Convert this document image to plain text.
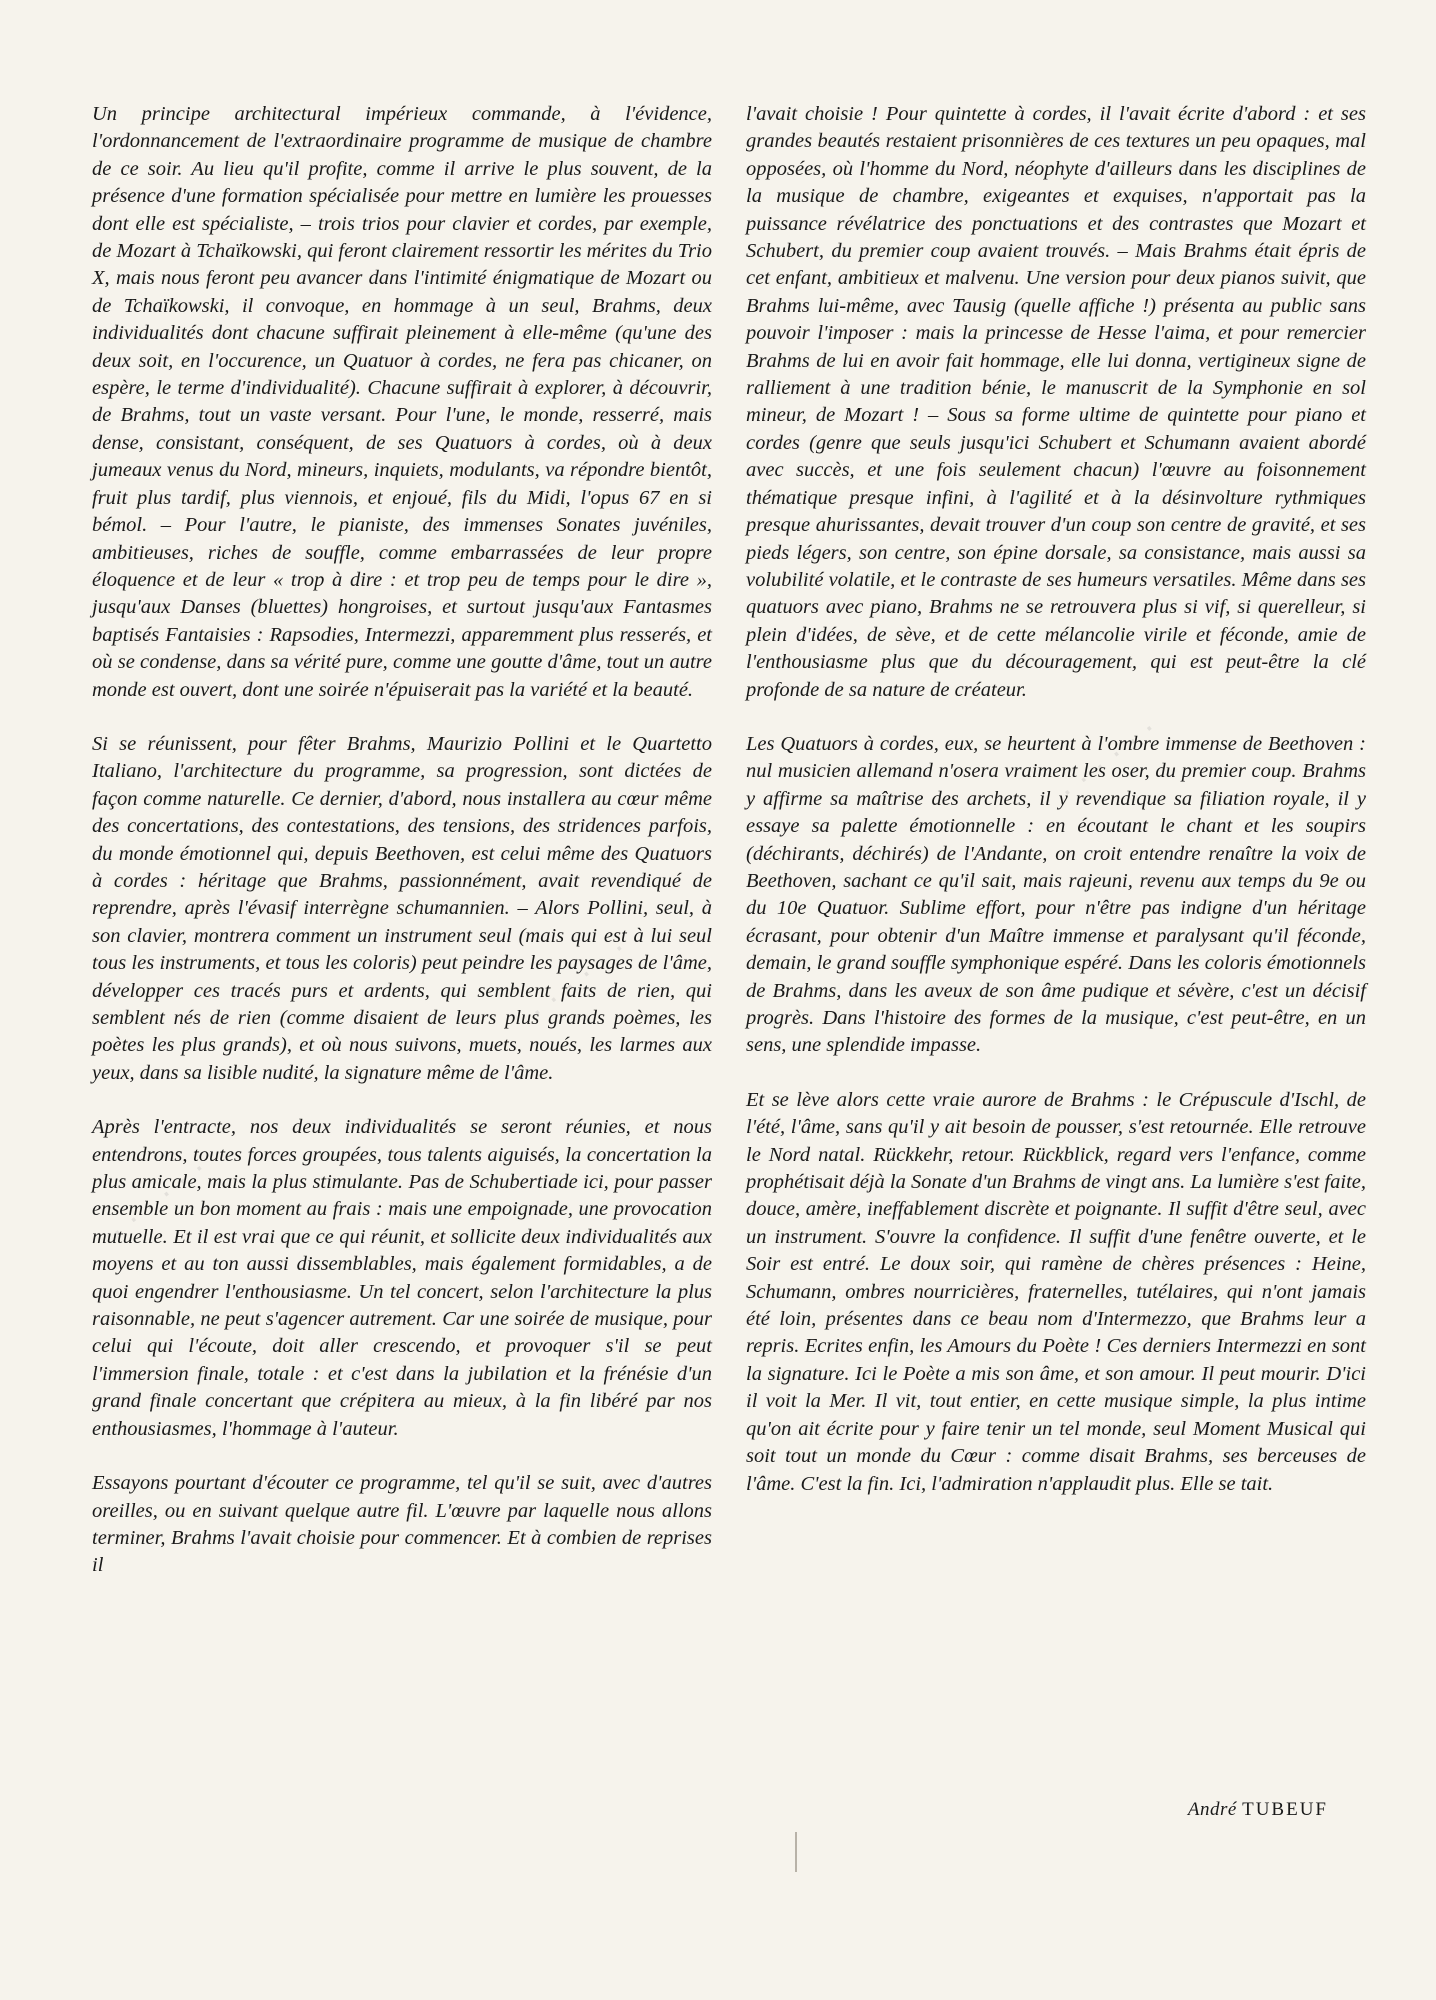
· · · · · ·
· · · · · ·
· · · · · ·

Un principe architectural impérieux commande, à l'évidence, l'ordonnancement de l'extraordinaire programme de musique de chambre de ce soir. Au lieu qu'il profite, comme il arrive le plus souvent, de la présence d'une formation spécialisée pour mettre en lumière les prouesses dont elle est spécialiste, – trois trios pour clavier et cordes, par exemple, de Mozart à Tchaïkowski, qui feront clairement ressortir les mérites du Trio X, mais nous feront peu avancer dans l'intimité énigmatique de Mozart ou de Tchaïkowski, il convoque, en hommage à un seul, Brahms, deux individualités dont chacune suffirait pleinement à elle-même (qu'une des deux soit, en l'occurence, un Quatuor à cordes, ne fera pas chicaner, on espère, le terme d'individualité). Chacune suffirait à explorer, à découvrir, de Brahms, tout un vaste versant. Pour l'une, le monde, resserré, mais dense, consistant, conséquent, de ses Quatuors à cordes, où à deux jumeaux venus du Nord, mineurs, inquiets, modulants, va répondre bientôt, fruit plus tardif, plus viennois, et enjoué, fils du Midi, l'opus 67 en si bémol. – Pour l'autre, le pianiste, des immenses Sonates juvéniles, ambitieuses, riches de souffle, comme embarrassées de leur propre éloquence et de leur « trop à dire : et trop peu de temps pour le dire », jusqu'aux Danses (bluettes) hongroises, et surtout jusqu'aux Fantasmes baptisés Fantaisies : Rapsodies, Intermezzi, apparemment plus resserés, et où se condense, dans sa vérité pure, comme une goutte d'âme, tout un autre monde est ouvert, dont une soirée n'épuiserait pas la variété et la beauté.

Si se réunissent, pour fêter Brahms, Maurizio Pollini et le Quartetto Italiano, l'architecture du programme, sa progression, sont dictées de façon comme naturelle. Ce dernier, d'abord, nous installera au cœur même des concertations, des contestations, des tensions, des stridences parfois, du monde émotionnel qui, depuis Beethoven, est celui même des Quatuors à cordes : héritage que Brahms, passionnément, avait revendiqué de reprendre, après l'évasif interrègne schumannien. – Alors Pollini, seul, à son clavier, montrera comment un instrument seul (mais qui est à lui seul tous les instruments, et tous les coloris) peut peindre les paysages de l'âme, développer ces tracés purs et ardents, qui semblent faits de rien, qui semblent nés de rien (comme disaient de leurs plus grands poèmes, les poètes les plus grands), et où nous suivons, muets, noués, les larmes aux yeux, dans sa lisible nudité, la signature même de l'âme.

Après l'entracte, nos deux individualités se seront réunies, et nous entendrons, toutes forces groupées, tous talents aiguisés, la concertation la plus amicale, mais la plus stimulante. Pas de Schubertiade ici, pour passer ensemble un bon moment au frais : mais une empoignade, une provocation mutuelle. Et il est vrai que ce qui réunit, et sollicite deux individualités aux moyens et au ton aussi dissemblables, mais également formidables, a de quoi engendrer l'enthousiasme. Un tel concert, selon l'architecture la plus raisonnable, ne peut s'agencer autrement. Car une soirée de musique, pour celui qui l'écoute, doit aller crescendo, et provoquer s'il se peut l'immersion finale, totale : et c'est dans la jubilation et la frénésie d'un grand finale concertant que crépitera au mieux, à la fin libéré par nos enthousiasmes, l'hommage à l'auteur.

Essayons pourtant d'écouter ce programme, tel qu'il se suit, avec d'autres oreilles, ou en suivant quelque autre fil. L'œuvre par laquelle nous allons terminer, Brahms l'avait choisie pour commencer. Et à combien de reprises il

l'avait choisie ! Pour quintette à cordes, il l'avait écrite d'abord : et ses grandes beautés restaient prisonnières de ces textures un peu opaques, mal opposées, où l'homme du Nord, néophyte d'ailleurs dans les disciplines de la musique de chambre, exigeantes et exquises, n'apportait pas la puissance révélatrice des ponctuations et des contrastes que Mozart et Schubert, du premier coup avaient trouvés. – Mais Brahms était épris de cet enfant, ambitieux et malvenu. Une version pour deux pianos suivit, que Brahms lui-même, avec Tausig (quelle affiche !) présenta au public sans pouvoir l'imposer : mais la princesse de Hesse l'aima, et pour remercier Brahms de lui en avoir fait hommage, elle lui donna, vertigineux signe de ralliement à une tradition bénie, le manuscrit de la Symphonie en sol mineur, de Mozart ! – Sous sa forme ultime de quintette pour piano et cordes (genre que seuls jusqu'ici Schubert et Schumann avaient abordé avec succès, et une fois seulement chacun) l'œuvre au foisonnement thématique presque infini, à l'agilité et à la désinvolture rythmiques presque ahurissantes, devait trouver d'un coup son centre de gravité, et ses pieds légers, son centre, son épine dorsale, sa consistance, mais aussi sa volubilité volatile, et le contraste de ses humeurs versatiles. Même dans ses quatuors avec piano, Brahms ne se retrouvera plus si vif, si querelleur, si plein d'idées, de sève, et de cette mélancolie virile et féconde, amie de l'enthousiasme plus que du découragement, qui est peut-être la clé profonde de sa nature de créateur.

Les Quatuors à cordes, eux, se heurtent à l'ombre immense de Beethoven : nul musicien allemand n'osera vraiment les oser, du premier coup. Brahms y affirme sa maîtrise des archets, il y revendique sa filiation royale, il y essaye sa palette émotionnelle : en écoutant le chant et les soupirs (déchirants, déchirés) de l'Andante, on croit entendre renaître la voix de Beethoven, sachant ce qu'il sait, mais rajeuni, revenu aux temps du 9e ou du 10e Quatuor. Sublime effort, pour n'être pas indigne d'un héritage écrasant, pour obtenir d'un Maître immense et paralysant qu'il féconde, demain, le grand souffle symphonique espéré. Dans les coloris émotionnels de Brahms, dans les aveux de son âme pudique et sévère, c'est un décisif progrès. Dans l'histoire des formes de la musique, c'est peut-être, en un sens, une splendide impasse.

Et se lève alors cette vraie aurore de Brahms : le Crépuscule d'Ischl, de l'été, l'âme, sans qu'il y ait besoin de pousser, s'est retournée. Elle retrouve le Nord natal. Rückkehr, retour. Rückblick, regard vers l'enfance, comme prophétisait déjà la Sonate d'un Brahms de vingt ans. La lumière s'est faite, douce, amère, ineffablement discrète et poignante. Il suffit d'être seul, avec un instrument. S'ouvre la confidence. Il suffit d'une fenêtre ouverte, et le Soir est entré. Le doux soir, qui ramène de chères présences : Heine, Schumann, ombres nourricières, fraternelles, tutélaires, qui n'ont jamais été loin, présentes dans ce beau nom d'Intermezzo, que Brahms leur a repris. Ecrites enfin, les Amours du Poète ! Ces derniers Intermezzi en sont la signature. Ici le Poète a mis son âme, et son amour. Il peut mourir. D'ici il voit la Mer. Il vit, tout entier, en cette musique simple, la plus intime qu'on ait écrite pour y faire tenir un tel monde, seul Moment Musical qui soit tout un monde du Cœur : comme disait Brahms, ses berceuses de l'âme. C'est la fin. Ici, l'admiration n'applaudit plus. Elle se tait.

André TUBEUF
